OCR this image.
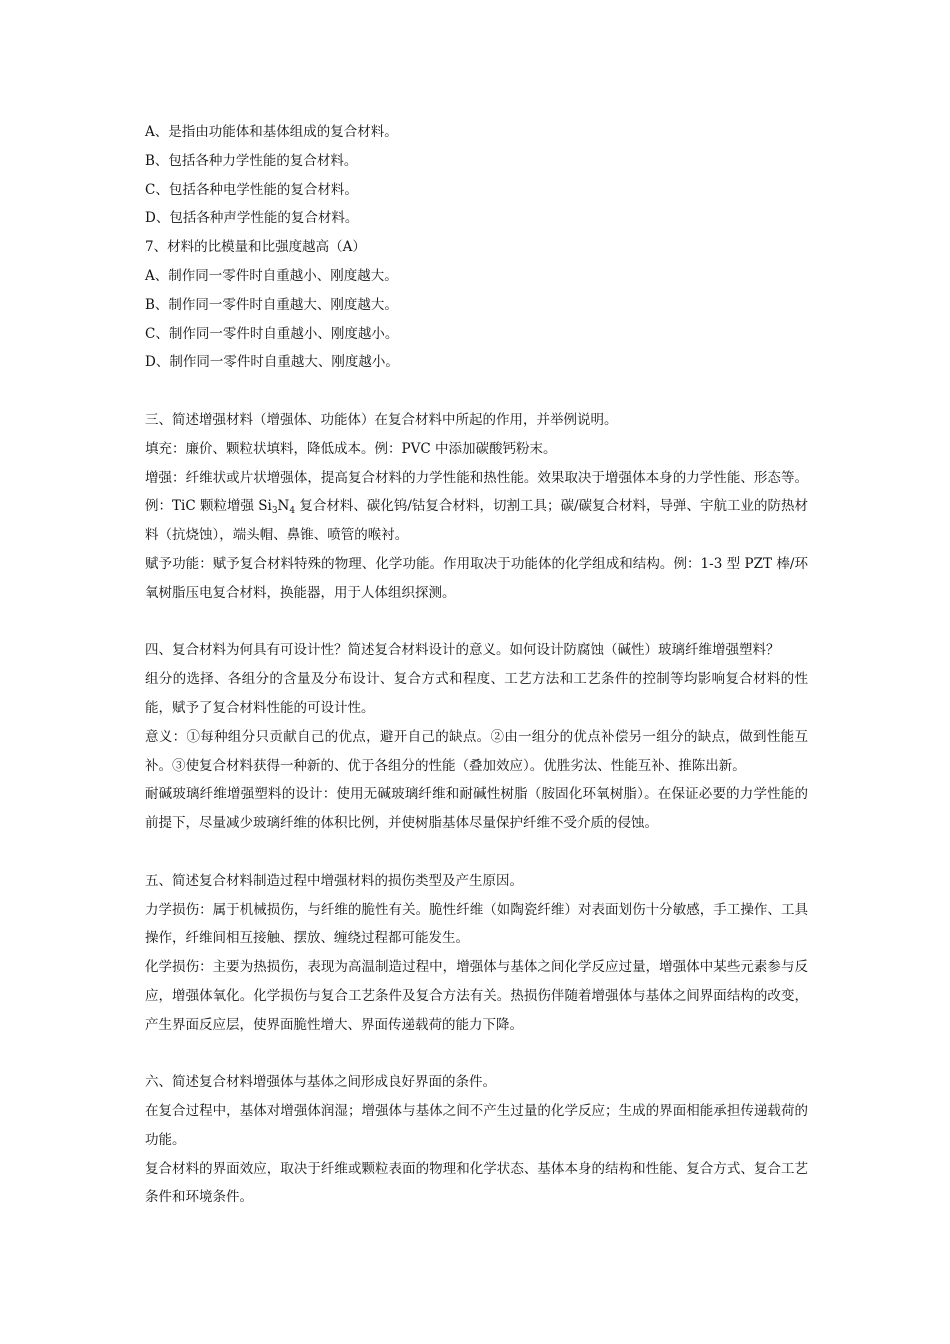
A、是指由功能体和基体组成的复合材料。

B、包括各种力学性能的复合材料。

C、包括各种电学性能的复合材料。

D、包括各种声学性能的复合材料。

7、材料的比模量和比强度越高（A）

A、制作同一零件时自重越小、刚度越大。

B、制作同一零件时自重越大、刚度越大。

C、制作同一零件时自重越小、刚度越小。

D、制作同一零件时自重越大、刚度越小。

三、简述增强材料（增强体、功能体）在复合材料中所起的作用，并举例说明。

填充：廉价、颗粒状填料，降低成本。例：PVC 中添加碳酸钙粉末。

增强：纤维状或片状增强体，提高复合材料的力学性能和热性能。效果取决于增强体本身的力学性能、形态等。例：TiC 颗粒增强 $Si_3N_4$ 复合材料、碳化钨/钴复合材料，切割工具；碳/碳复合材料，导弹、宇航工业的防热材料（抗烧蚀），端头帽、鼻锥、喷管的喉衬。

赋予功能：赋予复合材料特殊的物理、化学功能。作用取决于功能体的化学组成和结构。例：1-3 型 PZT 棒/环氧树脂压电复合材料，换能器，用于人体组织探测。

四、复合材料为何具有可设计性？简述复合材料设计的意义。如何设计防腐蚀（碱性）玻璃纤维增强塑料？

组分的选择、各组分的含量及分布设计、复合方式和程度、工艺方法和工艺条件的控制等均影响复合材料的性能，赋予了复合材料性能的可设计性。

意义：①每种组分只贡献自己的优点，避开自己的缺点。②由一组分的优点补偿另一组分的缺点，做到性能互补。③使复合材料获得一种新的、优于各组分的性能（叠加效应）。优胜劣汰、性能互补、推陈出新。

耐碱玻璃纤维增强塑料的设计：使用无碱玻璃纤维和耐碱性树脂（胺固化环氧树脂）。在保证必要的力学性能的前提下，尽量减少玻璃纤维的体积比例，并使树脂基体尽量保护纤维不受介质的侵蚀。

五、简述复合材料制造过程中增强材料的损伤类型及产生原因。

力学损伤：属于机械损伤，与纤维的脆性有关。脆性纤维（如陶瓷纤维）对表面划伤十分敏感，手工操作、工具操作，纤维间相互接触、摆放、缠绕过程都可能发生。

化学损伤：主要为热损伤，表现为高温制造过程中，增强体与基体之间化学反应过量，增强体中某些元素参与反应，增强体氧化。化学损伤与复合工艺条件及复合方法有关。热损伤伴随着增强体与基体之间界面结构的改变，产生界面反应层，使界面脆性增大、界面传递载荷的能力下降。

六、简述复合材料增强体与基体之间形成良好界面的条件。

在复合过程中，基体对增强体润湿；增强体与基体之间不产生过量的化学反应；生成的界面相能承担传递载荷的功能。

复合材料的界面效应，取决于纤维或颗粒表面的物理和化学状态、基体本身的结构和性能、复合方式、复合工艺条件和环境条件。
